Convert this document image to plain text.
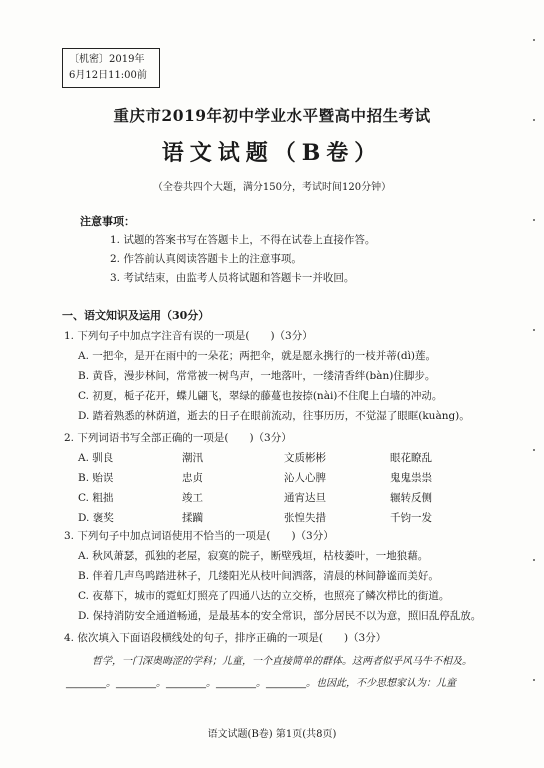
〔机密〕2019年
6月12日11:00前
重庆市2019年初中学业水平暨高中招生考试
语文试题（B卷）
（全卷共四个大题，满分150分，考试时间120分钟）
注意事项：
1. 试题的答案书写在答题卡上，不得在试卷上直接作答。
2. 作答前认真阅读答题卡上的注意事项。
3. 考试结束，由监考人员将试题和答题卡一并收回。
一、语文知识及运用（30分）
1. 下列句子中加点字注音有误的一项是(　　)（3分）
A. 一把伞，是开在雨中的一朵花；两把伞，就是愿永携行的一枝并蒂(dì)莲。
B. 黄昏，漫步林间，常常被一树鸟声，一地落叶，一缕清香绊(bàn)住脚步。
C. 初夏，栀子花开，蝶儿翩飞，翠绿的藤蔓也按捺(nài)不住爬上白墙的冲动。
D. 踏着熟悉的林荫道，逝去的日子在眼前流动，往事历历，不觉湿了眼眶(kuàng)。
2. 下列词语书写全部正确的一项是(　　)（3分）
A. 驯良	潮汛	文质彬彬	眼花瞭乱
B. 贻误	忠贞	沁人心脾	鬼鬼祟祟
C. 粗拙	竣工	通宵达旦	辗转反侧
D. 褒奖	揉躏	张惶失措	千钧一发
3. 下列句子中加点词语使用不恰当的一项是(　　)（3分）
A. 秋风萧瑟，孤独的老屋，寂寞的院子，断壁残垣，枯枝萎叶，一地狼藉。
B. 伴着几声鸟鸣踏进林子，几缕阳光从枝叶间洒落，清晨的林间静谧而美好。
C. 夜幕下，城市的霓虹灯照亮了四通八达的立交桥，也照亮了鳞次栉比的街道。
D. 保持消防安全通道畅通，是最基本的安全常识，部分居民不以为意，照旧乱停乱放。
4. 依次填入下面语段横线处的句子，排序正确的一项是(　　)（3分）
哲学，一门深奥晦涩的学科；儿童，一个直接简单的群体。这两者似乎风马牛不相及。
________。________。________。________。________。也因此，不少思想家认为：儿童
语文试题(B卷) 第1页(共8页)
